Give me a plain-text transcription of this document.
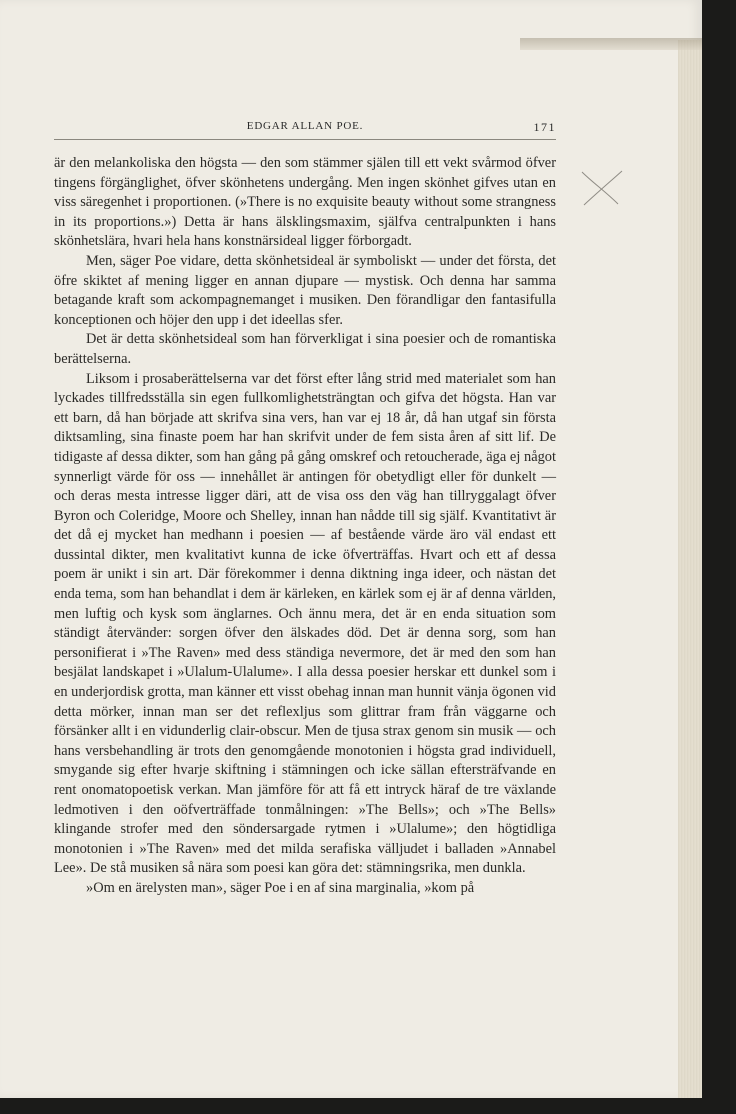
EDGAR ALLAN POE.	171

är den melankoliska den högsta — den som stämmer själen till ett vekt svårmod öfver tingens förgänglighet, öfver skönhetens undergång. Men ingen skönhet gifves utan en viss säregenhet i proportionen. (»There is no exquisite beauty without some strangness in its proportions.») Detta är hans älsklingsmaxim, själfva centralpunkten i hans skönhetslära, hvari hela hans konstnärsideal ligger förborgadt.

Men, säger Poe vidare, detta skönhetsideal är symboliskt — under det första, det öfre skiktet af mening ligger en annan djupare — mystisk. Och denna har samma betagande kraft som ackompagnemanget i musiken. Den förandligar den fantasifulla konceptionen och höjer den upp i det ideellas sfer.

Det är detta skönhetsideal som han förverkligat i sina poesier och de romantiska berättelserna.

Liksom i prosaberättelserna var det först efter lång strid med materialet som han lyckades tillfredsställa sin egen fullkomlighetsträngtan och gifva det högsta. Han var ett barn, då han började att skrifva sina vers, han var ej 18 år, då han utgaf sin första diktsamling, sina finaste poem har han skrifvit under de fem sista åren af sitt lif. De tidigaste af dessa dikter, som han gång på gång omskref och retoucherade, äga ej något synnerligt värde för oss — innehållet är antingen för obetydligt eller för dunkelt — och deras mesta intresse ligger däri, att de visa oss den väg han tillryggalagt öfver Byron och Coleridge, Moore och Shelley, innan han nådde till sig själf. Kvantitativt är det då ej mycket han medhann i poesien — af bestående värde äro väl endast ett dussintal dikter, men kvalitativt kunna de icke öfverträffas. Hvart och ett af dessa poem är unikt i sin art. Där förekommer i denna diktning inga ideer, och nästan det enda tema, som han behandlat i dem är kärleken, en kärlek som ej är af denna världen, men luftig och kysk som änglarnes. Och ännu mera, det är en enda situation som ständigt återvänder: sorgen öfver den älskades död. Det är denna sorg, som han personifierat i »The Raven» med dess ständiga nevermore, det är med den som han besjälat landskapet i »Ulalum-Ulalume». I alla dessa poesier herskar ett dunkel som i en underjordisk grotta, man känner ett visst obehag innan man hunnit vänja ögonen vid detta mörker, innan man ser det reflexljus som glittrar fram från väggarne och försänker allt i en vidunderlig clair-obscur. Men de tjusa strax genom sin musik — och hans versbehandling är trots den genomgående monotonien i högsta grad individuell, smygande sig efter hvarje skiftning i stämningen och icke sällan eftersträfvande en rent onomatopoetisk verkan. Man jämföre för att få ett intryck häraf de tre växlande ledmotiven i den oöfverträffade tonmålningen: »The Bells»; och »The Bells» klingande strofer med den söndersargade rytmen i »Ulalume»; den högtidliga monotonien i »The Raven» med det milda serafiska välljudet i balladen »Annabel Lee». De stå musiken så nära som poesi kan göra det: stämningsrika, men dunkla.

»Om en ärelysten man», säger Poe i en af sina marginalia, »kom på
